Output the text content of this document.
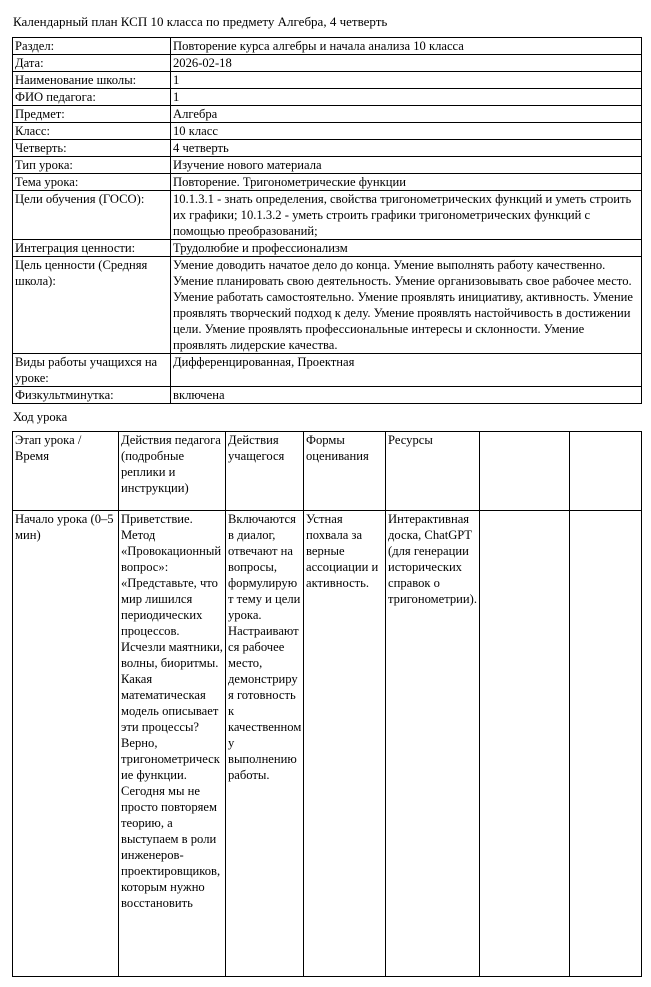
Календарный план КСП 10 класса по предмету Алгебра, 4 четверть
Раздел:	Повторение курса алгебры и начала анализа 10 класса
Дата:	2026-02-18
Наименование школы:	1
ФИО педагога:	1
Предмет:	Алгебра
Класс:	10 класс
Четверть:	4 четверть
Тип урока:	Изучение нового материала
Тема урока:	Повторение. Тригонометрические функции
Цели обучения (ГОСО):	10.1.3.1 - знать определения, свойства тригонометрических функций и уметь строить их графики; 10.1.3.2 - уметь строить графики тригонометрических функций с помощью преобразований;
Интеграция ценности:	Трудолюбие и профессионализм
Цель ценности (Средняя школа):	Умение доводить начатое дело до конца. Умение выполнять работу качественно. Умение планировать свою деятельность. Умение организовывать свое рабочее место. Умение работать самостоятельно. Умение проявлять инициативу, активность. Умение проявлять творческий подход к делу. Умение проявлять настойчивость в достижении цели. Умение проявлять профессиональные интересы и склонности. Умение проявлять лидерские качества.
Виды работы учащихся на уроке:	Дифференцированная, Проектная
Физкультминутка:	включена
Ход урока
Этап урока / Время	Действия педагога (подробные реплики и инструкции)	Действия учащегося	Формы оценивания	Ресурсы		
Начало урока (0–5 мин)	Приветствие. Метод «Провокационный вопрос»: «Представьте, что мир лишился периодических процессов. Исчезли маятники, волны, биоритмы. Какая математическая модель описывает эти процессы? Верно, тригонометрические функции. Сегодня мы не просто повторяем теорию, а выступаем в роли инженеров-проектировщиков, которым нужно восстановить	Включаются в диалог, отвечают на вопросы, формулируют тему и цели урока. Настраиваются рабочее место, демонстрируя готовность к качественному выполнению работы.	Устная похвала за верные ассоциации и активность.	Интерактивная доска, ChatGPT (для генерации исторических справок о тригонометрии).		
